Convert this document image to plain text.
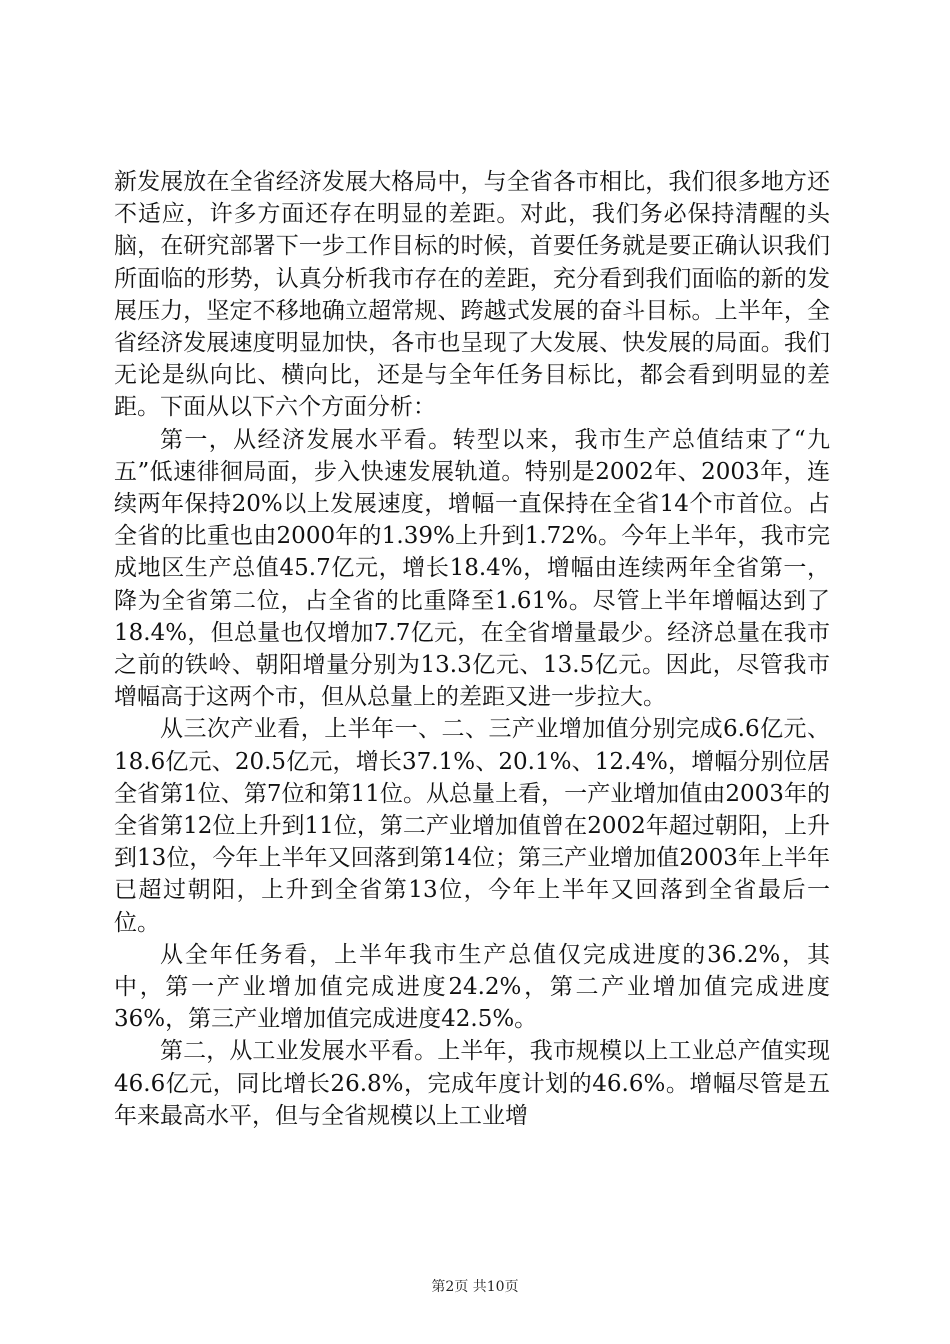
新发展放在全省经济发展大格局中，与全省各市相比，我们很多地方还不适应，许多方面还存在明显的差距。对此，我们务必保持清醒的头脑，在研究部署下一步工作目标的时候，首要任务就是要正确认识我们所面临的形势，认真分析我市存在的差距，充分看到我们面临的新的发展压力，坚定不移地确立超常规、跨越式发展的奋斗目标。上半年，全省经济发展速度明显加快，各市也呈现了大发展、快发展的局面。我们无论是纵向比、横向比，还是与全年任务目标比，都会看到明显的差距。下面从以下六个方面分析：

第一，从经济发展水平看。转型以来，我市生产总值结束了“九五”低速徘徊局面，步入快速发展轨道。特别是2002年、2003年，连续两年保持20%以上发展速度，增幅一直保持在全省14个市首位。占全省的比重也由2000年的1.39%上升到1.72%。今年上半年，我市完成地区生产总值45.7亿元，增长18.4%，增幅由连续两年全省第一，降为全省第二位，占全省的比重降至1.61%。尽管上半年增幅达到了18.4%，但总量也仅增加7.7亿元，在全省增量最少。经济总量在我市之前的铁岭、朝阳增量分别为13.3亿元、13.5亿元。因此，尽管我市增幅高于这两个市，但从总量上的差距又进一步拉大。

从三次产业看，上半年一、二、三产业增加值分别完成6.6亿元、18.6亿元、20.5亿元，增长37.1%、20.1%、12.4%，增幅分别位居全省第1位、第7位和第11位。从总量上看，一产业增加值由2003年的全省第12位上升到11位，第二产业增加值曾在2002年超过朝阳，上升到13位，今年上半年又回落到第14位；第三产业增加值2003年上半年已超过朝阳，上升到全省第13位，今年上半年又回落到全省最后一位。

从全年任务看，上半年我市生产总值仅完成进度的36.2%，其中，第一产业增加值完成进度24.2%，第二产业增加值完成进度36%，第三产业增加值完成进度42.5%。

第二，从工业发展水平看。上半年，我市规模以上工业总产值实现46.6亿元，同比增长26.8%，完成年度计划的46.6%。增幅尽管是五年来最高水平，但与全省规模以上工业增

第2页 共10页
